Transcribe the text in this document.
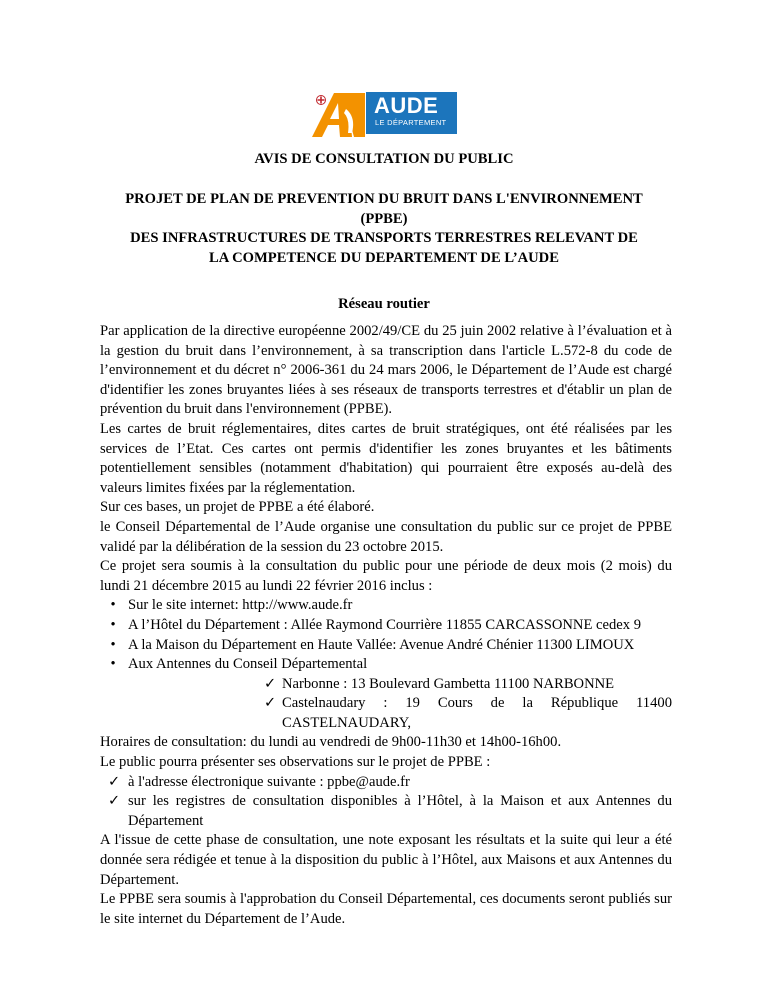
AUDE
LE DÉPARTEMENT
AVIS DE CONSULTATION DU PUBLIC
PROJET DE PLAN DE PREVENTION DU BRUIT DANS L'ENVIRONNEMENT
(PPBE)
DES INFRASTRUCTURES DE TRANSPORTS TERRESTRES RELEVANT DE
LA COMPETENCE DU DEPARTEMENT DE L’AUDE
Réseau routier

Par application de la directive européenne 2002/49/CE du 25 juin 2002 relative à l’évaluation et à la gestion du bruit dans l’environnement, à sa transcription dans l'article L.572-8 du code de l’environnement et du décret n° 2006-361 du 24 mars 2006, le Département de l’Aude est chargé d'identifier les zones bruyantes liées à ses réseaux de transports terrestres et d'établir un plan de prévention du bruit dans l'environnement (PPBE).

Les cartes de bruit réglementaires, dites cartes de bruit stratégiques, ont été réalisées par les services de l’Etat. Ces cartes ont permis d'identifier les zones bruyantes et les bâtiments potentiellement sensibles (notamment d'habitation) qui pourraient être exposés au-delà des valeurs limites fixées par la réglementation.

Sur ces bases, un projet de PPBE a été élaboré.

le Conseil Départemental de l’Aude organise une consultation du public sur ce projet de PPBE validé par la délibération de la session du 23 octobre 2015.

Ce projet sera soumis à la consultation du public pour une période de deux mois (2 mois) du lundi 21 décembre 2015 au lundi 22 février 2016 inclus :

• Sur le site internet: http://www.aude.fr
• A l’Hôtel du Département : Allée Raymond Courrière 11855 CARCASSONNE cedex 9
• A la Maison du Département en Haute Vallée: Avenue André Chénier 11300 LIMOUX
• Aux Antennes du Conseil Départemental
✓ Narbonne : 13 Boulevard Gambetta 11100 NARBONNE
✓ Castelnaudary : 19 Cours de la République 11400 CASTELNAUDARY,

Horaires de consultation: du lundi au vendredi de 9h00-11h30 et 14h00-16h00.

Le public pourra présenter ses observations sur le projet de PPBE :

✓ à l'adresse électronique suivante : ppbe@aude.fr
✓ sur les registres de consultation disponibles à l’Hôtel, à la Maison et aux Antennes du Département

A l'issue de cette phase de consultation, une note exposant les résultats et la suite qui leur a été donnée sera rédigée et tenue à la disposition du public à l’Hôtel, aux Maisons et aux Antennes du Département.

Le PPBE sera soumis à l'approbation du Conseil Départemental, ces documents seront publiés sur le site internet du Département de l’Aude.
